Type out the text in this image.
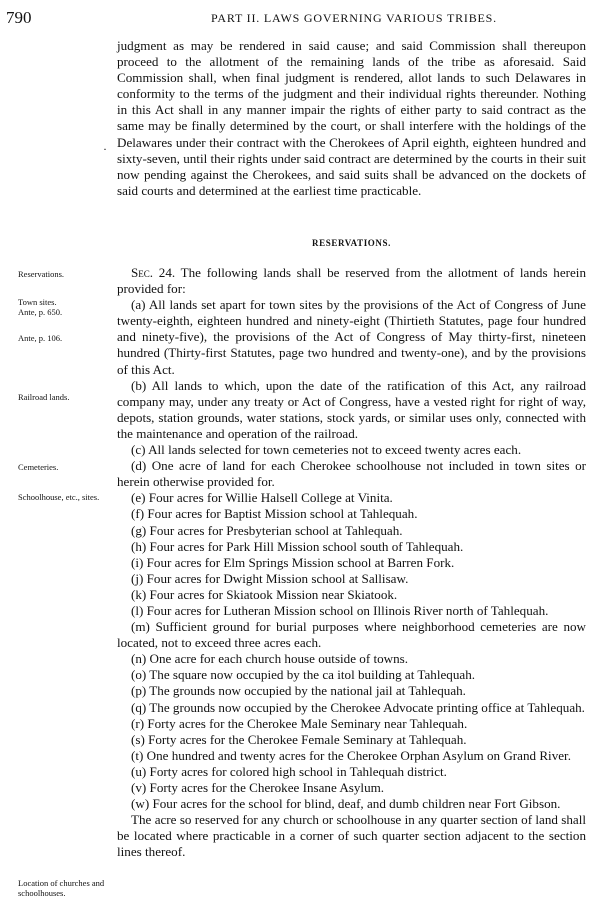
790	PART II. LAWS GOVERNING VARIOUS TRIBES.

judgment as may be rendered in said cause; and said Commission shall thereupon proceed to the allotment of the remaining lands of the tribe as aforesaid. Said Commission shall, when final judgment is rendered, allot lands to such Delawares in conformity to the terms of the judgment and their individual rights thereunder. Nothing in this Act shall in any manner impair the rights of either party to said contract as the same may be finally determined by the court, or shall interfere with the holdings of the Delawares under their contract with the Cherokees of April eighth, eighteen hundred and sixty-seven, until their rights under said contract are determined by the courts in their suit now pending against the Cherokees, and said suits shall be advanced on the dockets of said courts and determined at the earliest time practicable.

·
RESERVATIONS.

Sec. 24. The following lands shall be reserved from the allotment of lands herein provided for:

(a) All lands set apart for town sites by the provisions of the Act of Congress of June twenty-eighth, eighteen hundred and ninety-eight (Thirtieth Statutes, page four hundred and ninety-five), the provisions of the Act of Congress of May thirty-first, nineteen hundred (Thirty-first Statutes, page two hundred and twenty-one), and by the provisions of this Act.

(b) All lands to which, upon the date of the ratification of this Act, any railroad company may, under any treaty or Act of Congress, have a vested right for right of way, depots, station grounds, water stations, stock yards, or similar uses only, connected with the maintenance and operation of the railroad.

(c) All lands selected for town cemeteries not to exceed twenty acres each.

(d) One acre of land for each Cherokee schoolhouse not included in town sites or herein otherwise provided for.

(e) Four acres for Willie Halsell College at Vinita.

(f) Four acres for Baptist Mission school at Tahlequah.

(g) Four acres for Presbyterian school at Tahlequah.

(h) Four acres for Park Hill Mission school south of Tahlequah.

(i) Four acres for Elm Springs Mission school at Barren Fork.

(j) Four acres for Dwight Mission school at Sallisaw.

(k) Four acres for Skiatook Mission near Skiatook.

(l) Four acres for Lutheran Mission school on Illinois River north of Tahlequah.

(m) Sufficient ground for burial purposes where neighborhood cemeteries are now located, not to exceed three acres each.

(n) One acre for each church house outside of towns.

(o) The square now occupied by the ca itol building at Tahlequah.

(p) The grounds now occupied by the national jail at Tahlequah.

(q) The grounds now occupied by the Cherokee Advocate printing office at Tahlequah.

(r) Forty acres for the Cherokee Male Seminary near Tahlequah.

(s) Forty acres for the Cherokee Female Seminary at Tahlequah.

(t) One hundred and twenty acres for the Cherokee Orphan Asylum on Grand River.

(u) Forty acres for colored high school in Tahlequah district.

(v) Forty acres for the Cherokee Insane Asylum.

(w) Four acres for the school for blind, deaf, and dumb children near Fort Gibson.

The acre so reserved for any church or schoolhouse in any quarter section of land shall be located where practicable in a corner of such quarter section adjacent to the section lines thereof.

Reservations.
Town sites.
Ante, p. 650.
Ante, p. 106.
Railroad lands.
Cemeteries.
Schoolhouse, etc., sites.
Location of churches and schoolhouses.
